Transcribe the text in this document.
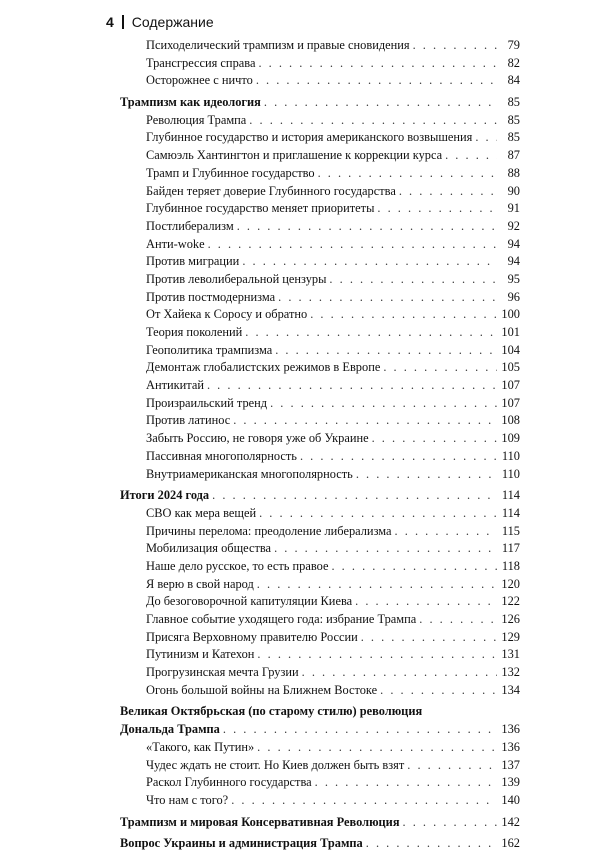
4 Содержание
Психоделический трампизм и правые сновидения . . .	79
Трансгрессия справа . . .	82
Осторожнее с ничто . . .	84
Трампизм как идеология . . .	85
Революция Трампа . . .	85
Глубинное государство и история американского возвышения . . .	85
Самюэль Хантингтон и приглашение к коррекции курса . . .	87
Трамп и Глубинное государство . . .	88
Байден теряет доверие Глубинного государства . . .	90
Глубинное государство меняет приоритеты . . .	91
Постлиберализм . . .	92
Анти-woke . . .	94
Против миграции . . .	94
Против леволиберальной цензуры . . .	95
Против постмодернизма . . .	96
От Хайека к Соросу и обратно . . .	100
Теория поколений . . .	101
Геополитика трампизма . . .	104
Демонтаж глобалистских режимов в Европе . . .	105
Антикитай . . .	107
Произраильский тренд . . .	107
Против латинос . . .	108
Забыть Россию, не говоря уже об Украине . . .	109
Пассивная многополярность . . .	110
Внутриамериканская многополярность . . .	110
Итоги 2024 года . . .	114
СВО как мера вещей . . .	114
Причины перелома: преодоление либерализма . . .	115
Мобилизация общества . . .	117
Наше дело русское, то есть правое . . .	118
Я верю в свой народ . . .	120
До безоговорочной капитуляции Киева . . .	122
Главное событие уходящего года: избрание Трампа . . .	126
Присяга Верховному правителю России . . .	129
Путинизм и Катехон . . .	131
Прогрузинская мечта Грузии . . .	132
Огонь большой войны на Ближнем Востоке . . .	134
Великая Октябрьская (по старому стилю) революция
Дональда Трампа . . .	136
«Такого, как Путин» . . .	136
Чудес ждать не стоит. Но Киев должен быть взят . . .	137
Раскол Глубинного государства . . .	139
Что нам с того? . . .	140
Трампизм и мировая Консервативная Революция . . .	142
Вопрос Украины и администрация Трампа . . .	162
